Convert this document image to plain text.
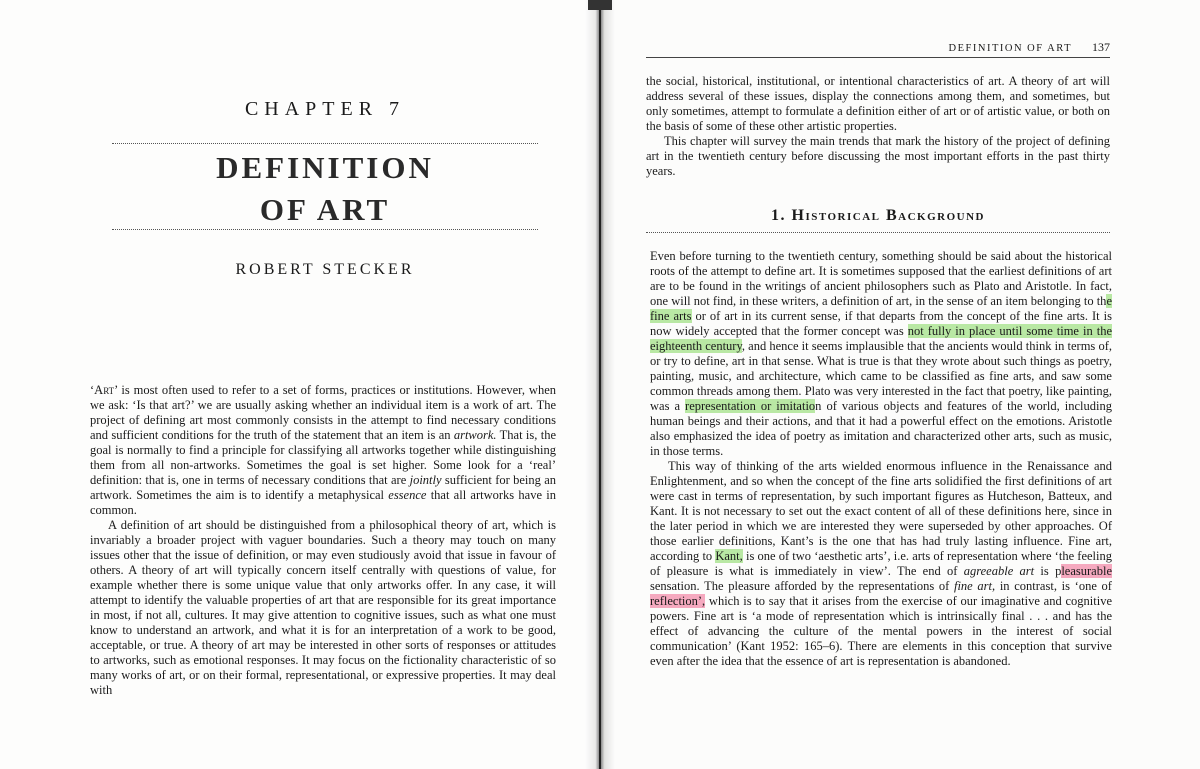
CHAPTER 7
DEFINITION
OF ART
ROBERT STECKER

‘Art’ is most often used to refer to a set of forms, practices or institutions. However, when we ask: ‘Is that art?’ we are usually asking whether an individual item is a work of art. The project of defining art most commonly consists in the attempt to find necessary conditions and sufficient conditions for the truth of the statement that an item is an artwork. That is, the goal is normally to find a principle for classifying all artworks together while distinguishing them from all non-artworks. Sometimes the goal is set higher. Some look for a ‘real’ definition: that is, one in terms of necessary conditions that are jointly sufficient for being an artwork. Sometimes the aim is to identify a metaphysical essence that all artworks have in common.

A definition of art should be distinguished from a philosophical theory of art, which is invariably a broader project with vaguer boundaries. Such a theory may touch on many issues other that the issue of definition, or may even studiously avoid that issue in favour of others. A theory of art will typically concern itself centrally with questions of value, for example whether there is some unique value that only artworks offer. In any case, it will attempt to identify the valuable properties of art that are responsible for its great importance in most, if not all, cultures. It may give attention to cognitive issues, such as what one must know to understand an artwork, and what it is for an interpretation of a work to be good, acceptable, or true. A theory of art may be interested in other sorts of responses or attitudes to artworks, such as emotional responses. It may focus on the fictionality characteristic of so many works of art, or on their formal, representational, or expressive properties. It may deal with

DEFINITION OF ART 137

the social, historical, institutional, or intentional characteristics of art. A theory of art will address several of these issues, display the connections among them, and sometimes, but only sometimes, attempt to formulate a definition either of art or of artistic value, or both on the basis of some of these other artistic properties.

This chapter will survey the main trends that mark the history of the project of defining art in the twentieth century before discussing the most important efforts in the past thirty years.

1. Historical Background

Even before turning to the twentieth century, something should be said about the historical roots of the attempt to define art. It is sometimes supposed that the earliest definitions of art are to be found in the writings of ancient philosophers such as Plato and Aristotle. In fact, one will not find, in these writers, a definition of art, in the sense of an item belonging to the fine arts or of art in its current sense, if that departs from the concept of the fine arts. It is now widely accepted that the former concept was not fully in place until some time in the eighteenth century, and hence it seems implausible that the ancients would think in terms of, or try to define, art in that sense. What is true is that they wrote about such things as poetry, painting, music, and architecture, which came to be classified as fine arts, and saw some common threads among them. Plato was very interested in the fact that poetry, like painting, was a representation or imitation of various objects and features of the world, including human beings and their actions, and that it had a powerful effect on the emotions. Aristotle also emphasized the idea of poetry as imitation and characterized other arts, such as music, in those terms.

This way of thinking of the arts wielded enormous influence in the Renaissance and Enlightenment, and so when the concept of the fine arts solidified the first definitions of art were cast in terms of representation, by such important figures as Hutcheson, Batteux, and Kant. It is not necessary to set out the exact content of all of these definitions here, since in the later period in which we are interested they were superseded by other approaches. Of those earlier definitions, Kant’s is the one that has had truly lasting influence. Fine art, according to Kant, is one of two ‘aesthetic arts’, i.e. arts of representation where ‘the feeling of pleasure is what is immediately in view’. The end of agreeable art is pleasurable sensation. The pleasure afforded by the representations of fine art, in contrast, is ‘one of reflection’, which is to say that it arises from the exercise of our imaginative and cognitive powers. Fine art is ‘a mode of representation which is intrinsically final . . . and has the effect of advancing the culture of the mental powers in the interest of social communication’ (Kant 1952: 165–6). There are elements in this conception that survive even after the idea that the essence of art is representation is abandoned.
